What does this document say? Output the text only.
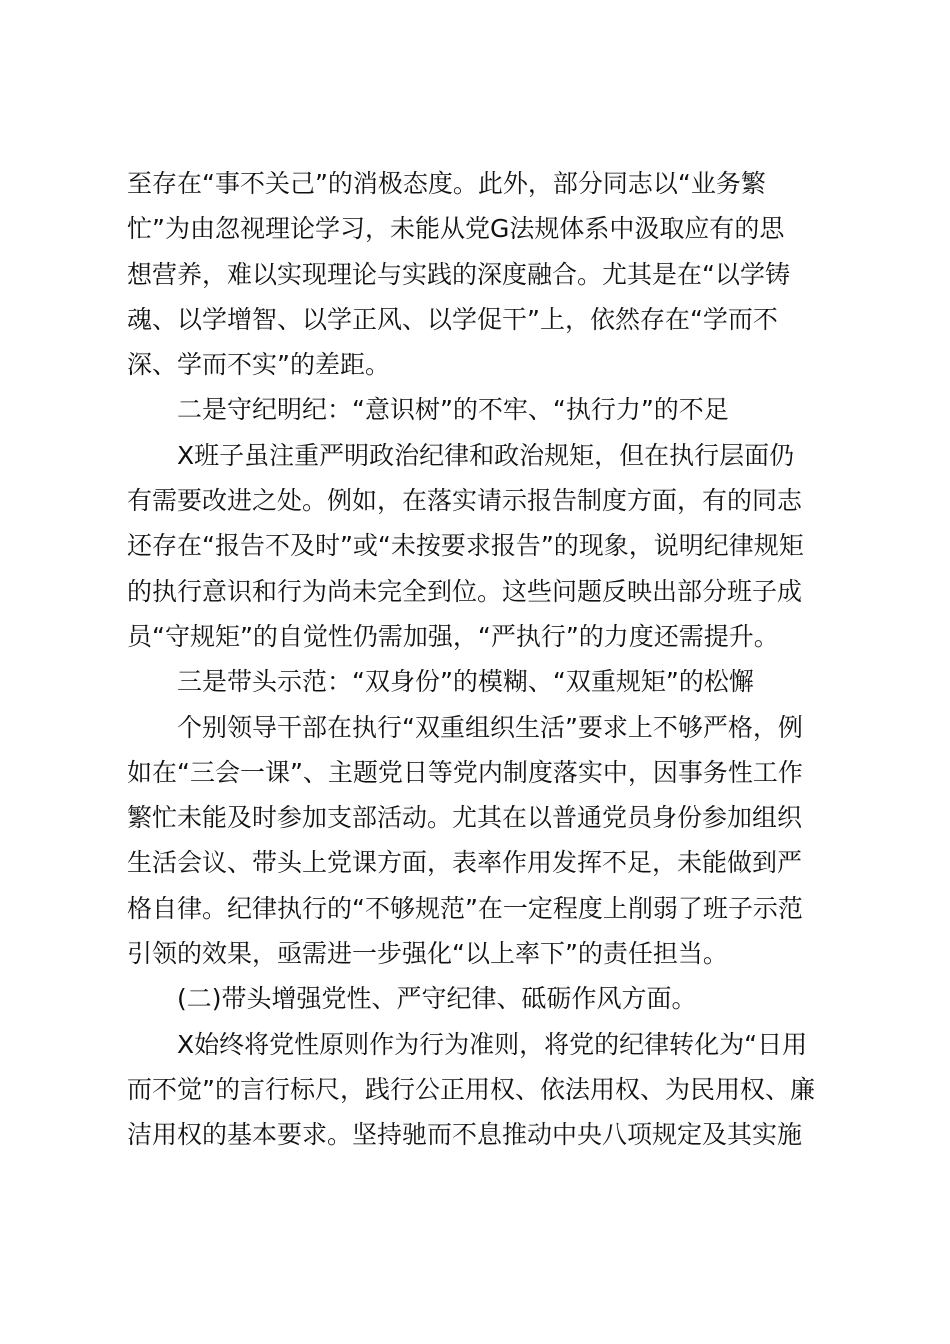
至存在“事不关己”的消极态度。此外，部分同志以“业务繁
忙”为由忽视理论学习，未能从党G法规体系中汲取应有的思
想营养，难以实现理论与实践的深度融合。尤其是在“以学铸
魂、以学增智、以学正风、以学促干”上，依然存在“学而不
深、学而不实”的差距。
二是守纪明纪：“意识树”的不牢、“执行力”的不足
X班子虽注重严明政治纪律和政治规矩，但在执行层面仍
有需要改进之处。例如，在落实请示报告制度方面，有的同志
还存在“报告不及时”或“未按要求报告”的现象，说明纪律规矩
的执行意识和行为尚未完全到位。这些问题反映出部分班子成
员“守规矩”的自觉性仍需加强，“严执行”的力度还需提升。
三是带头示范：“双身份”的模糊、“双重规矩”的松懈
个别领导干部在执行“双重组织生活”要求上不够严格，例
如在“三会一课”、主题党日等党内制度落实中，因事务性工作
繁忙未能及时参加支部活动。尤其在以普通党员身份参加组织
生活会议、带头上党课方面，表率作用发挥不足，未能做到严
格自律。纪律执行的“不够规范”在一定程度上削弱了班子示范
引领的效果，亟需进一步强化“以上率下”的责任担当。
(二)带头增强党性、严守纪律、砥砺作风方面。
X始终将党性原则作为行为准则，将党的纪律转化为“日用
而不觉”的言行标尺，践行公正用权、依法用权、为民用权、廉
洁用权的基本要求。坚持驰而不息推动中央八项规定及其实施
